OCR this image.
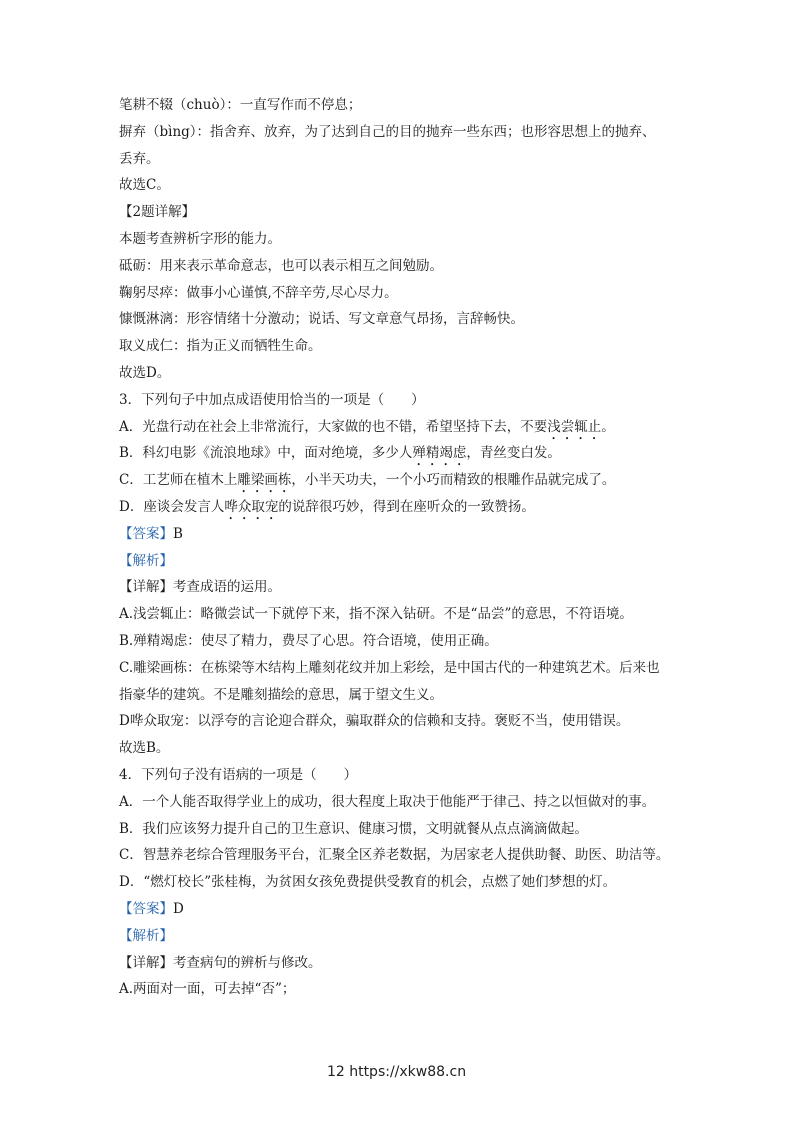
笔耕不辍（chuò）：一直写作而不停息；
摒弃（bìng）：指舍弃、放弃，为了达到自己的目的抛弃一些东西；也形容思想上的抛弃、
丢弃。
故选C。
【2题详解】
本题考查辨析字形的能力。
砥砺：用来表示革命意志，也可以表示相互之间勉励。
鞠躬尽瘁：做事小心谨慎,不辞辛劳,尽心尽力。
慷慨淋漓：形容情绪十分激动；说话、写文章意气昂扬，言辞畅快。
取义成仁：指为正义而牺牲生命。
故选D。
3．下列句子中加点成语使用恰当的一项是（　　）
A．光盘行动在社会上非常流行，大家做的也不错，希望坚持下去，不要浅尝辄止。
B．科幻电影《流浪地球》中，面对绝境，多少人殚精竭虑，青丝变白发。
C．工艺师在植木上雕梁画栋，小半天功夫，一个小巧而精致的根雕作品就完成了。
D．座谈会发言人哗众取宠的说辞很巧妙，得到在座听众的一致赞扬。
【答案】B
【解析】
【详解】考查成语的运用。
A.浅尝辄止：略微尝试一下就停下来，指不深入钻研。不是“品尝”的意思，不符语境。
B.殚精竭虑：使尽了精力，费尽了心思。符合语境，使用正确。
C.雕梁画栋：在栋梁等木结构上雕刻花纹并加上彩绘，是中国古代的一种建筑艺术。后来也
指豪华的建筑。不是雕刻描绘的意思，属于望文生义。
D哗众取宠：以浮夸的言论迎合群众，骗取群众的信赖和支持。褒贬不当，使用错误。
故选B。
4．下列句子没有语病的一项是（　　）
A．一个人能否取得学业上的成功，很大程度上取决于他能严于律己、持之以恒做对的事。
B．我们应该努力提升自己的卫生意识、健康习惯，文明就餐从点点滴滴做起。
C．智慧养老综合管理服务平台，汇聚全区养老数据，为居家老人提供助餐、助医、助洁等。
D．“燃灯校长”张桂梅，为贫困女孩免费提供受教育的机会，点燃了她们梦想的灯。
【答案】D
【解析】
【详解】考查病句的辨析与修改。
A.两面对一面，可去掉“否”；
12 https://xkw88.cn
